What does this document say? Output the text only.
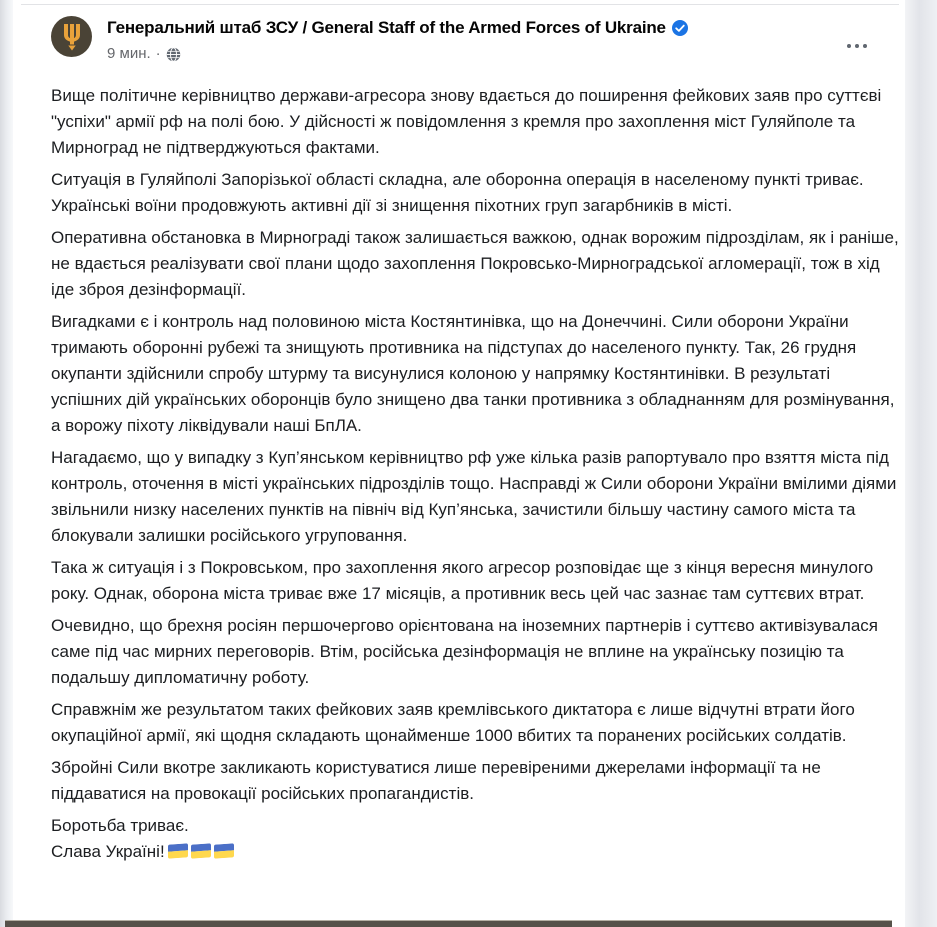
Генеральний штаб ЗСУ / General Staff of the Armed Forces of Ukraine
9 мин. ·

Вище політичне керівництво держави-агресора знову вдається до поширення фейкових заяв про суттєві "успіхи" армії рф на полі бою. У дійсності ж повідомлення з кремля про захоплення міст Гуляйполе та Мирноград не підтверджуються фактами.

Ситуація в Гуляйполі Запорізької області складна, але оборонна операція в населеному пункті триває. Українські воїни продовжують активні дії зі знищення піхотних груп загарбників в місті.

Оперативна обстановка в Мирнограді також залишається важкою, однак ворожим підрозділам, як і раніше, не вдається реалізувати свої плани щодо захоплення Покровсько-Мирноградської агломерації, тож в хід іде зброя дезінформації.

Вигадками є і контроль над половиною міста Костянтинівка, що на Донеччині. Сили оборони України тримають оборонні рубежі та знищують противника на підступах до населеного пункту. Так, 26 грудня окупанти здійснили спробу штурму та висунулися колоною у напрямку Костянтинівки. В результаті успішних дій українських оборонців було знищено два танки противника з обладнанням для розмінування, а ворожу піхоту ліквідували наші БпЛА.

Нагадаємо, що у випадку з Куп’янськом керівництво рф уже кілька разів рапортувало про взяття міста під контроль, оточення в місті українських підрозділів тощо. Насправді ж Сили оборони України вмілими діями звільнили низку населених пунктів на північ від Куп’янська, зачистили більшу частину самого міста та блокували залишки російського угруповання.

Така ж ситуація і з Покровськом, про захоплення якого агресор розповідає ще з кінця вересня минулого року. Однак, оборона міста триває вже 17 місяців, а противник весь цей час зазнає там суттєвих втрат.

Очевидно, що брехня росіян першочергово орієнтована на іноземних партнерів і суттєво активізувалася саме під час мирних переговорів. Втім, російська дезінформація не вплине на українську позицію та подальшу дипломатичну роботу.

Справжнім же результатом таких фейкових заяв кремлівського диктатора є лише відчутні втрати його окупаційної армії, які щодня складають щонайменше 1000 вбитих та поранених російських солдатів.

Збройні Сили вкотре закликають користуватися лише перевіреними джерелами інформації та не піддаватися на провокації російських пропагандистів.

Боротьба триває.
Слава Україні!
